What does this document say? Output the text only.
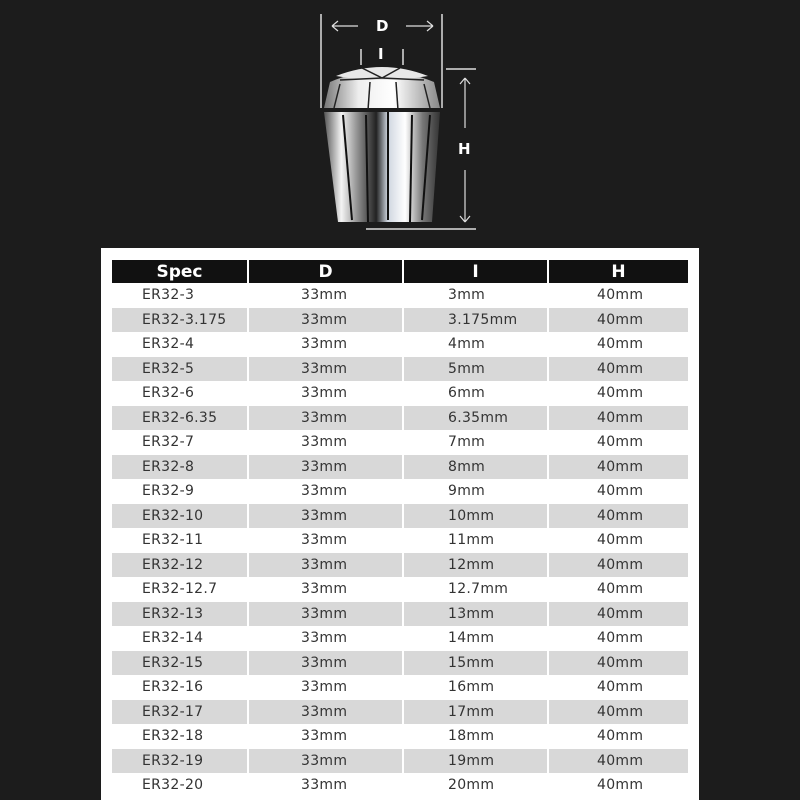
D
I
H
Spec	D	I	H
ER32-3	33mm	3mm	40mm
ER32-3.175	33mm	3.175mm	40mm
ER32-4	33mm	4mm	40mm
ER32-5	33mm	5mm	40mm
ER32-6	33mm	6mm	40mm
ER32-6.35	33mm	6.35mm	40mm
ER32-7	33mm	7mm	40mm
ER32-8	33mm	8mm	40mm
ER32-9	33mm	9mm	40mm
ER32-10	33mm	10mm	40mm
ER32-11	33mm	11mm	40mm
ER32-12	33mm	12mm	40mm
ER32-12.7	33mm	12.7mm	40mm
ER32-13	33mm	13mm	40mm
ER32-14	33mm	14mm	40mm
ER32-15	33mm	15mm	40mm
ER32-16	33mm	16mm	40mm
ER32-17	33mm	17mm	40mm
ER32-18	33mm	18mm	40mm
ER32-19	33mm	19mm	40mm
ER32-20	33mm	20mm	40mm
